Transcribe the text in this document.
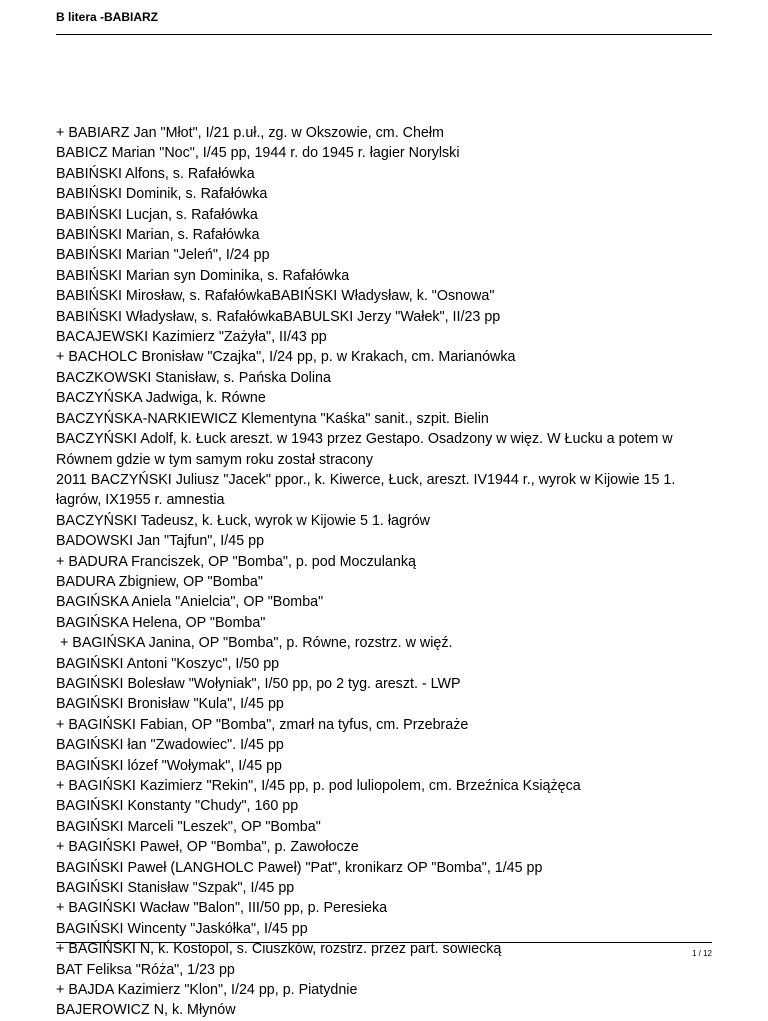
B litera -BABIARZ
+ BABIARZ Jan "Młot", I/21 p.uł., zg. w Okszowie, cm. Chełm
BABICZ Marian "Noc", I/45 pp, 1944 r. do 1945 r. łagier Norylski
BABIŃSKI Alfons, s. Rafałówka
BABIŃSKI Dominik, s. Rafałówka
BABIŃSKI Lucjan, s. Rafałówka
BABIŃSKI Marian, s. Rafałówka
BABIŃSKI Marian "Jeleń", I/24 pp
BABIŃSKI Marian syn Dominika, s. Rafałówka
BABIŃSKI Mirosław, s. RafałówkaBABIŃSKI Władysław, k. "Osnowa"
BABIŃSKI Władysław, s. RafałówkaBABULSKI Jerzy "Wałek", II/23 pp
BACAJEWSKI Kazimierz "Zażyła", II/43 pp
+ BACHOLC Bronisław "Czajka", I/24 pp, p. w Krakach, cm. Marianówka
BACZKOWSKI Stanisław, s. Pańska Dolina
BACZYŃSKA Jadwiga, k. Równe
BACZYŃSKA-NARKIEWICZ Klementyna "Kaśka" sanit., szpit. Bielin
BACZYŃSKI Adolf, k. Łuck areszt. w 1943 przez Gestapo. Osadzony w więz. W Łucku a potem w Równem gdzie w tym samym roku został stracony
2011 BACZYŃSKI Juliusz "Jacek" ppor., k. Kiwerce, Łuck, areszt. IV1944 r., wyrok w Kijowie 15 1. łagrów, IX1955 r. amnestia
BACZYŃSKI Tadeusz, k. Łuck, wyrok w Kijowie 5 1. łagrów
BADOWSKI Jan "Tajfun", I/45 pp
+ BADURA Franciszek, OP "Bomba", p. pod Moczulanką
BADURA Zbigniew, OP "Bomba"
BAGIŃSKA Aniela "Anielcia", OP "Bomba"
BAGIŃSKA Helena, OP "Bomba"
+ BAGIŃSKA Janina, OP "Bomba", p. Równe, rozstrz. w więź.
BAGIŃSKI Antoni "Koszyc", I/50 pp
BAGIŃSKI Bolesław "Wołyniak", I/50 pp, po 2 tyg. areszt. - LWP
BAGIŃSKI Bronisław "Kula", I/45 pp
+ BAGIŃSKI Fabian, OP "Bomba", zmarł na tyfus, cm. Przebraże
BAGIŃSKI łan "Zwadowiec". I/45 pp
BAGIŃSKI lózef "Wołymak", I/45 pp
+ BAGIŃSKI Kazimierz "Rekin", I/45 pp, p. pod luliopolem, cm. Brzeźnica Książęca
BAGIŃSKI Konstanty "Chudy", 160 pp
BAGIŃSKI Marceli "Leszek", OP "Bomba"
+ BAGIŃSKI Paweł, OP "Bomba", p. Zawołocze
BAGIŃSKI Paweł (LANGHOLC Paweł) "Pat", kronikarz OP "Bomba", 1/45 pp
BAGIŃSKI Stanisław "Szpak", I/45 pp
+ BAGIŃSKI Wacław "Balon", III/50 pp, p. Peresieka
BAGIŃSKI Wincenty "Jaskółka", I/45 pp
+ BAGIŃSKI N, k. Kostopol, s. Ciuszków, rozstrz. przez part. sowiecką
BAT Feliksa "Róża", 1/23 pp
+ BAJDA Kazimierz "Klon", I/24 pp, p. Piatydnie
BAJEROWICZ N, k. Młynów
1 / 12
